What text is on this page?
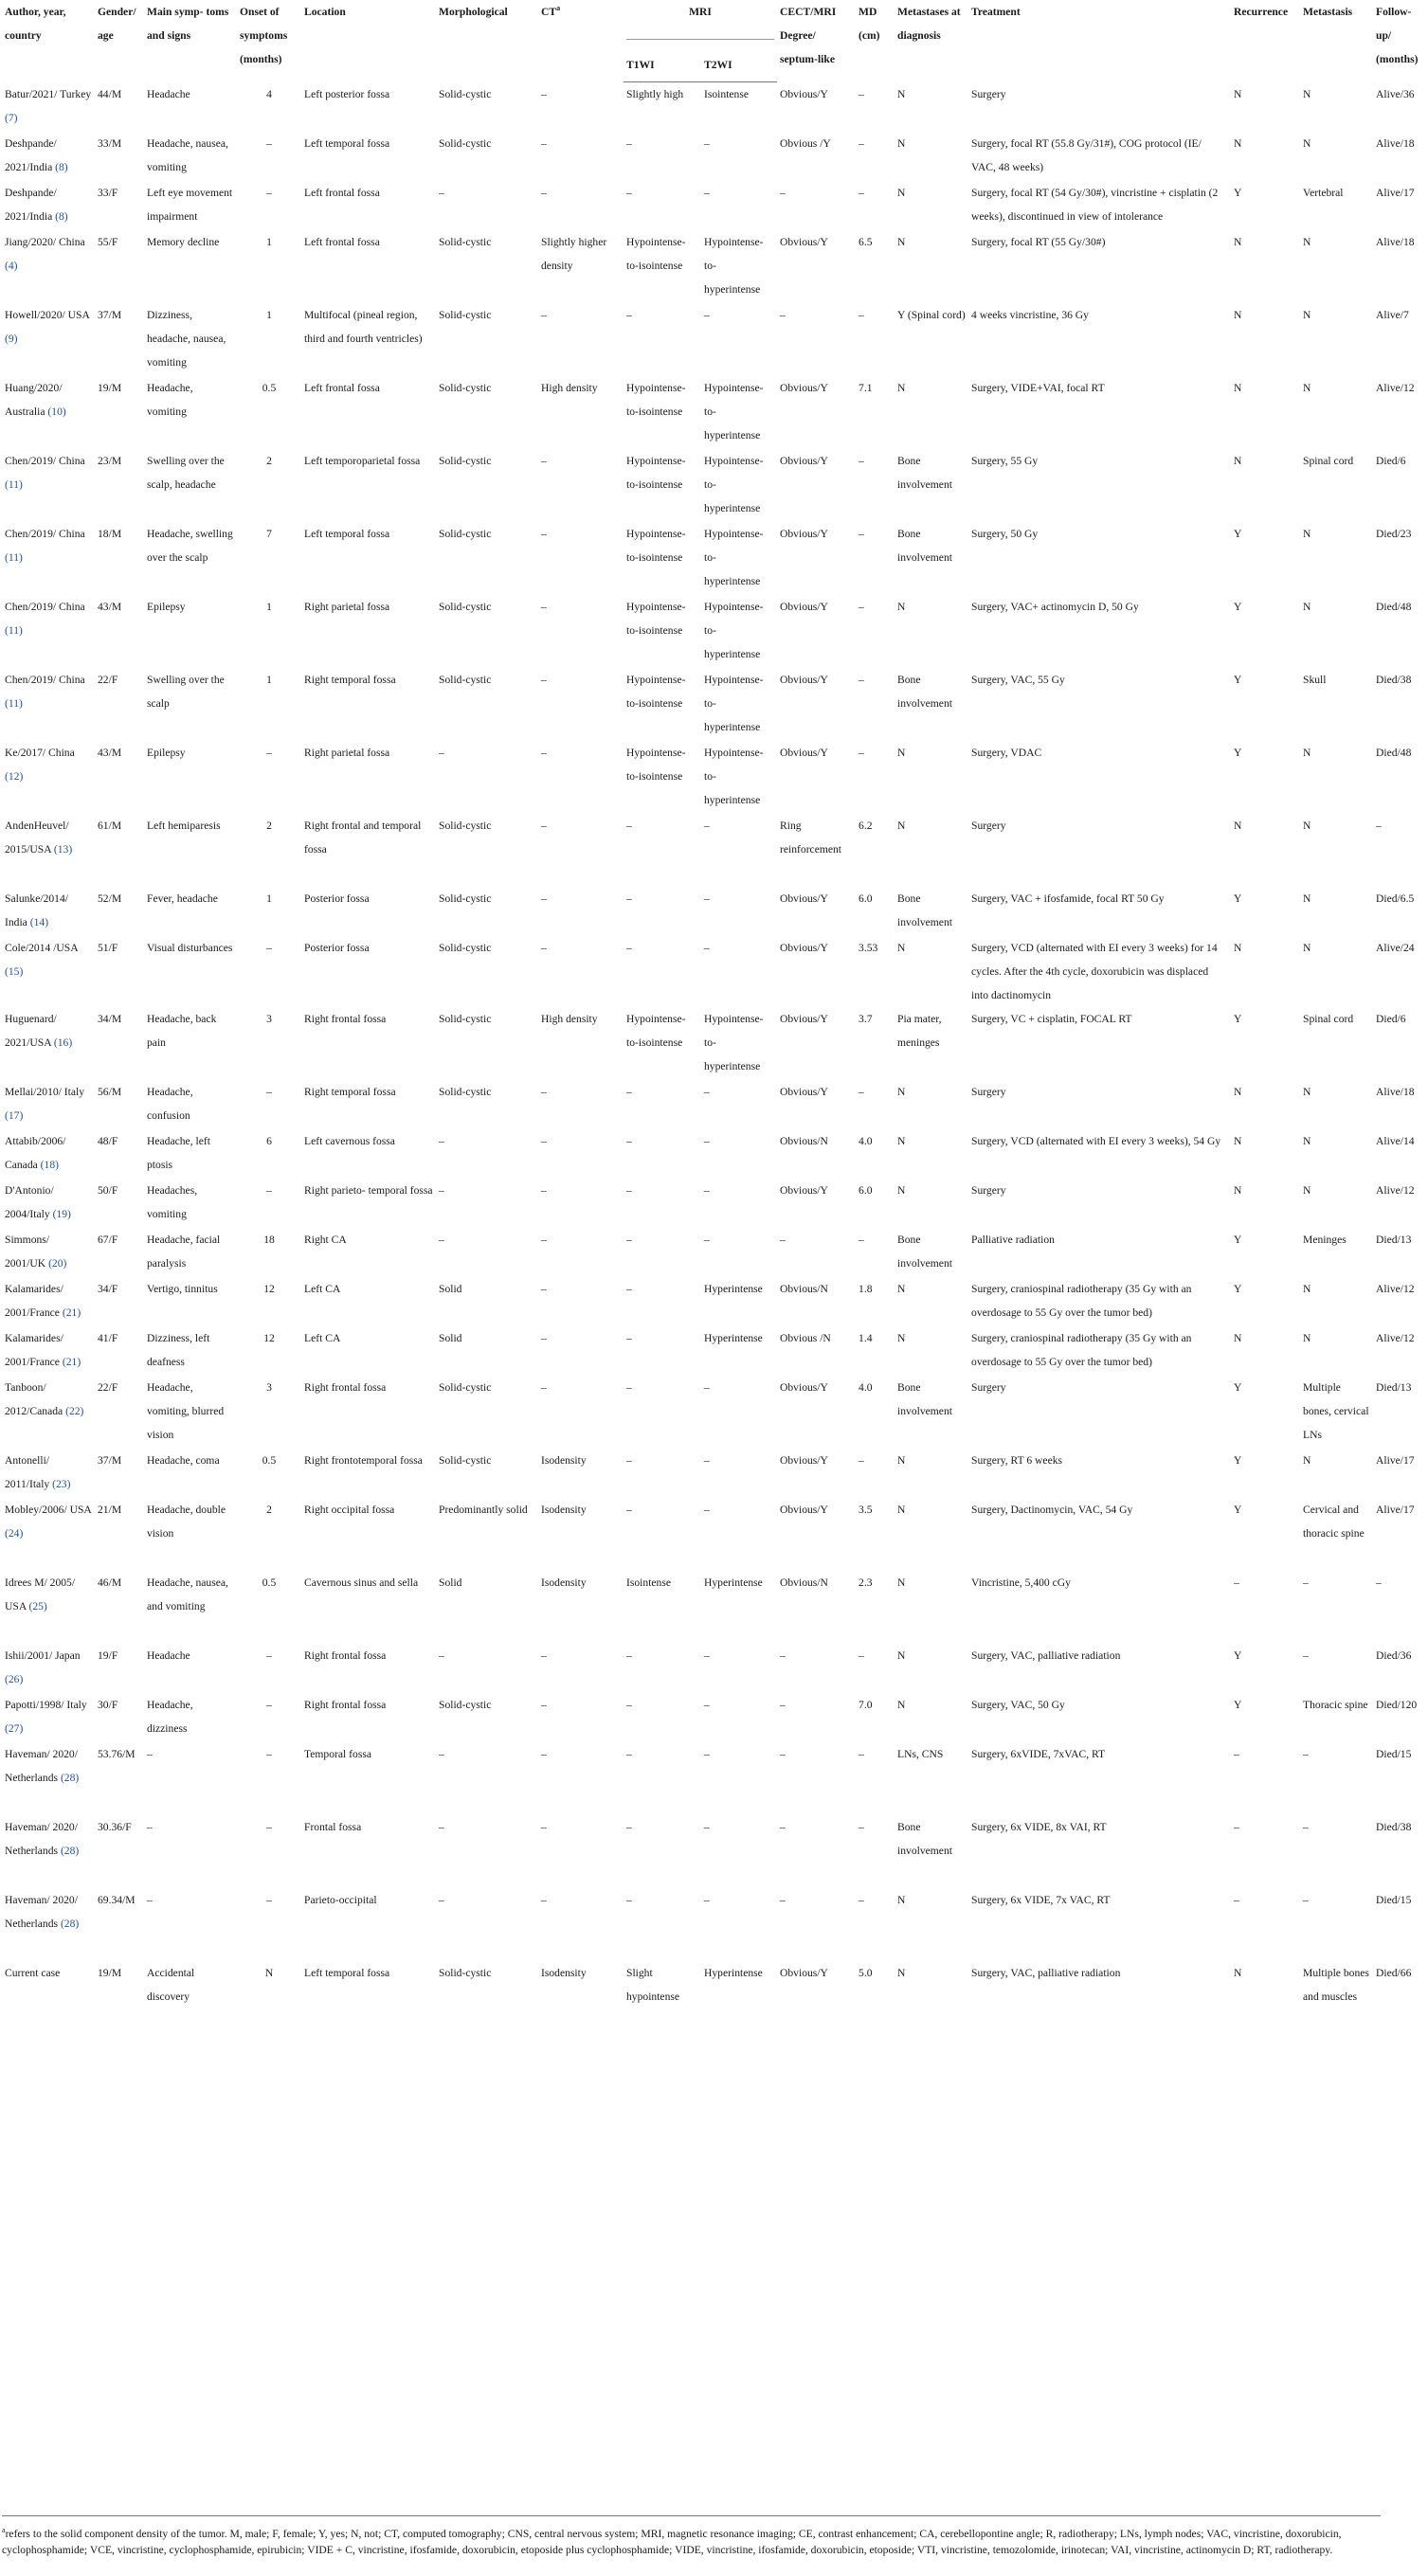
Author, year, country	Gender/ age	Main symp- toms and signs	Onset of symptoms (months)	Location	Morphological	$CT^a$	MRI		CECT/MRI Degree/ septum-like	MD (cm)	Metastases at diagnosis	Treatment	Recurrence	Metastasis	Follow- up/ (months)
							T1WI	T2WI							
Batur/2021/ Turkey (7)	44/M	Headache	4	Left posterior fossa	Solid-cystic	–	Slightly high	Isointense	Obvious/Y	–	N	Surgery	N	N	Alive/36
Deshpande/ 2021/India (8)	33/M	Headache, nausea, vomiting	–	Left temporal fossa	Solid-cystic	–	–	–	Obvious /Y	–	N	Surgery, focal RT (55.8 Gy/31#), COG protocol (IE/ VAC, 48 weeks)	N	N	Alive/18
Deshpande/ 2021/India (8)	33/F	Left eye movement impairment	–	Left frontal fossa	–	–	–	–	–	–	N	Surgery, focal RT (54 Gy/30#), vincristine + cisplatin (2 weeks), discontinued in view of intolerance	Y	Vertebral	Alive/17
Jiang/2020/ China (4)	55/F	Memory decline	1	Left frontal fossa	Solid-cystic	Slightly higher density	Hypointense- to-isointense	Hypointense- to- hyperintense	Obvious/Y	6.5	N	Surgery, focal RT (55 Gy/30#)	N	N	Alive/18
Howell/2020/ USA (9)	37/M	Dizziness, headache, nausea, vomiting	1	Multifocal (pineal region, third and fourth ventricles)	Solid-cystic	–	–	–	–	–	Y (Spinal cord)	4 weeks vincristine, 36 Gy	N	N	Alive/7
Huang/2020/ Australia (10)	19/M	Headache, vomiting	0.5	Left frontal fossa	Solid-cystic	High density	Hypointense- to-isointense	Hypointense- to- hyperintense	Obvious/Y	7.1	N	Surgery, VIDE+VAI, focal RT	N	N	Alive/12
Chen/2019/ China (11)	23/M	Swelling over the scalp, headache	2	Left temporoparietal fossa	Solid-cystic	–	Hypointense- to-isointense	Hypointense- to- hyperintense	Obvious/Y	–	Bone involvement	Surgery, 55 Gy	N	Spinal cord	Died/6
Chen/2019/ China (11)	18/M	Headache, swelling over the scalp	7	Left temporal fossa	Solid-cystic	–	Hypointense- to-isointense	Hypointense- to- hyperintense	Obvious/Y	–	Bone involvement	Surgery, 50 Gy	Y	N	Died/23
Chen/2019/ China (11)	43/M	Epilepsy	1	Right parietal fossa	Solid-cystic	–	Hypointense- to-isointense	Hypointense- to- hyperintense	Obvious/Y	–	N	Surgery, VAC+ actinomycin D, 50 Gy	Y	N	Died/48
Chen/2019/ China (11)	22/F	Swelling over the scalp	1	Right temporal fossa	Solid-cystic	–	Hypointense- to-isointense	Hypointense- to- hyperintense	Obvious/Y	–	Bone involvement	Surgery, VAC, 55 Gy	Y	Skull	Died/38
Ke/2017/ China (12)	43/M	Epilepsy	–	Right parietal fossa	–	–	Hypointense- to-isointense	Hypointense- to- hyperintense	Obvious/Y	–	N	Surgery, VDAC	Y	N	Died/48
AndenHeuvel/ 2015/USA (13)	61/M	Left hemiparesis	2	Right frontal and temporal fossa	Solid-cystic	–	–	–	Ring reinforcement	6.2	N	Surgery	N	N	–
Salunke/2014/ India (14)	52/M	Fever, headache	1	Posterior fossa	Solid-cystic	–	–	–	Obvious/Y	6.0	Bone involvement	Surgery, VAC + ifosfamide, focal RT 50 Gy	Y	N	Died/6.5
Cole/2014 /USA (15)	51/F	Visual disturbances	–	Posterior fossa	Solid-cystic	–	–	–	Obvious/Y	3.53	N	Surgery, VCD (alternated with EI every 3 weeks) for 14 cycles. After the 4th cycle, doxorubicin was displaced into dactinomycin	N	N	Alive/24
Huguenard/ 2021/USA (16)	34/M	Headache, back pain	3	Right frontal fossa	Solid-cystic	High density	Hypointense- to-isointense	Hypointense- to- hyperintense	Obvious/Y	3.7	Pia mater, meninges	Surgery, VC + cisplatin, FOCAL RT	Y	Spinal cord	Died/6
Mellai/2010/ Italy (17)	56/M	Headache, confusion	–	Right temporal fossa	Solid-cystic	–	–	–	Obvious/Y	–	N	Surgery	N	N	Alive/18
Attabib/2006/ Canada (18)	48/F	Headache, left ptosis	6	Left cavernous fossa	–	–	–	–	Obvious/N	4.0	N	Surgery, VCD (alternated with EI every 3 weeks), 54 Gy	N	N	Alive/14
D'Antonio/ 2004/Italy (19)	50/F	Headaches, vomiting	–	Right parieto- temporal fossa	–	–	–	–	Obvious/Y	6.0	N	Surgery	N	N	Alive/12
Simmons/ 2001/UK (20)	67/F	Headache, facial paralysis	18	Right CA	–	–	–	–	–	–	Bone involvement	Palliative radiation	Y	Meninges	Died/13
Kalamarides/ 2001/France (21)	34/F	Vertigo, tinnitus	12	Left CA	Solid	–	–	Hyperintense	Obvious/N	1.8	N	Surgery, craniospinal radiotherapy (35 Gy with an overdosage to 55 Gy over the tumor bed)	Y	N	Alive/12
Kalamarides/ 2001/France (21)	41/F	Dizziness, left deafness	12	Left CA	Solid	–	–	Hyperintense	Obvious /N	1.4	N	Surgery, craniospinal radiotherapy (35 Gy with an overdosage to 55 Gy over the tumor bed)	N	N	Alive/12
Tanboon/ 2012/Canada (22)	22/F	Headache, vomiting, blurred vision	3	Right frontal fossa	Solid-cystic	–	–	–	Obvious/Y	4.0	Bone involvement	Surgery	Y	Multiple bones, cervical LNs	Died/13
Antonelli/ 2011/Italy (23)	37/M	Headache, coma	0.5	Right frontotemporal fossa	Solid-cystic	Isodensity	–	–	Obvious/Y	–	N	Surgery, RT 6 weeks	Y	N	Alive/17
Mobley/2006/ USA (24)	21/M	Headache, double vision	2	Right occipital fossa	Predominantly solid	Isodensity	–	–	Obvious/Y	3.5	N	Surgery, Dactinomycin, VAC, 54 Gy	Y	Cervical and thoracic spine	Alive/17
Idrees M/ 2005/ USA (25)	46/M	Headache, nausea, and vomiting	0.5	Cavernous sinus and sella	Solid	Isodensity	Isointense	Hyperintense	Obvious/N	2.3	N	Vincristine, 5,400 cGy	–	–	–
Ishii/2001/ Japan (26)	19/F	Headache	–	Right frontal fossa	–	–	–	–	–	–	N	Surgery, VAC, palliative radiation	Y	–	Died/36
Papotti/1998/ Italy (27)	30/F	Headache, dizziness	–	Right frontal fossa	Solid-cystic	–	–	–	–	7.0	N	Surgery, VAC, 50 Gy	Y	Thoracic spine	Died/120
Haveman/ 2020/ Netherlands (28)	53.76/M	–	–	Temporal fossa	–	–	–	–	–	–	LNs, CNS	Surgery, 6xVIDE, 7xVAC, RT	–	–	Died/15
Haveman/ 2020/ Netherlands (28)	30.36/F	–	–	Frontal fossa	–	–	–	–	–	–	Bone involvement	Surgery, 6x VIDE, 8x VAI, RT	–	–	Died/38
Haveman/ 2020/ Netherlands (28)	69.34/M	–	–	Parieto-occipital	–	–	–	–	–	–	N	Surgery, 6x VIDE, 7x VAC, RT	–	–	Died/15
Current case	19/M	Accidental discovery	N	Left temporal fossa	Solid-cystic	Isodensity	Slight hypointense	Hyperintense	Obvious/Y	5.0	N	Surgery, VAC, palliative radiation	N	Multiple bones and muscles	Died/66

$^a$refers to the solid component density of the tumor. M, male; F, female; Y, yes; N, not; CT, computed tomography; CNS, central nervous system; MRI, magnetic resonance imaging; CE, contrast enhancement; CA, cerebellopontine angle; R, radiotherapy; LNs, lymph nodes; VAC, vincristine, doxorubicin, cyclophosphamide; VCE, vincristine, cyclophosphamide, epirubicin; VIDE + C, vincristine, ifosfamide, doxorubicin, etoposide plus cyclophosphamide; VIDE, vincristine, ifosfamide, doxorubicin, etoposide; VTI, vincristine, temozolomide, irinotecan; VAI, vincristine, actinomycin D; RT, radiotherapy.
